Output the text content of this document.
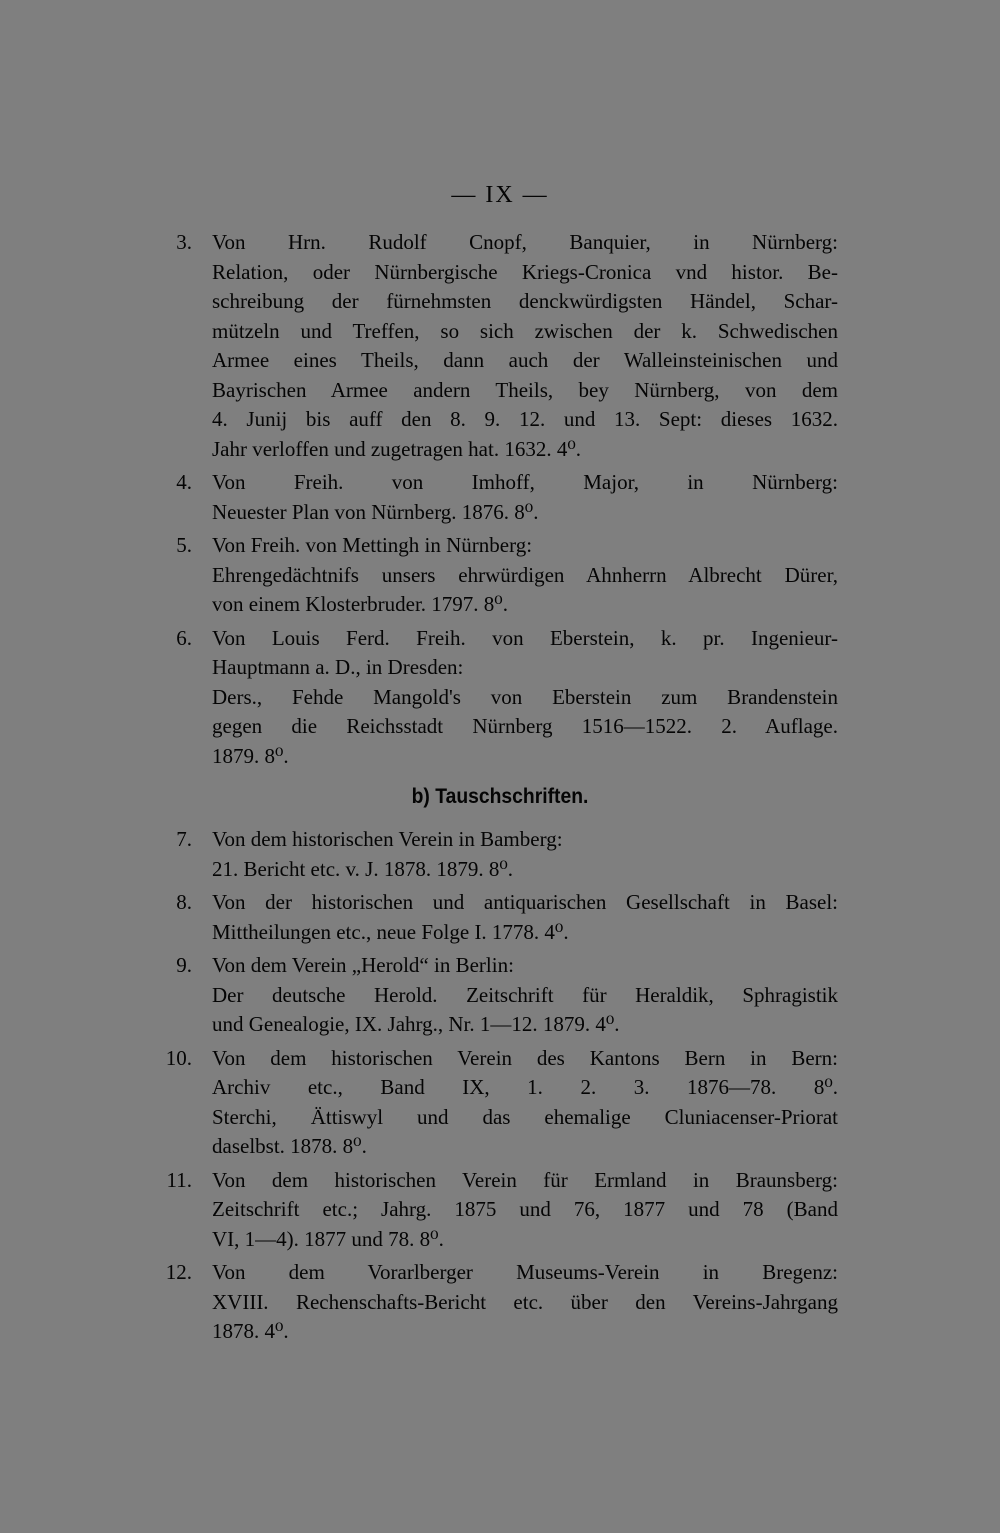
— IX —
3. Von Hrn. Rudolf Cnopf, Banquier, in Nürnberg:
Relation, oder Nürnbergische Kriegs-Cronica vnd histor. Be-
schreibung der fürnehmsten denckwürdigsten Händel, Schar-
mützeln und Treffen, so sich zwischen der k. Schwedischen
Armee eines Theils, dann auch der Walleinsteinischen und
Bayrischen Armee andern Theils, bey Nürnberg, von dem
4. Junij bis auff den 8. 9. 12. und 13. Sept: dieses 1632.
Jahr verloffen und zugetragen hat. 1632. 4⁰.
4. Von Freih. von Imhoff, Major, in Nürnberg:
Neuester Plan von Nürnberg. 1876. 8⁰.
5. Von Freih. von Mettingh in Nürnberg:
Ehrengedächtnifs unsers ehrwürdigen Ahnherrn Albrecht Dürer,
von einem Klosterbruder. 1797. 8⁰.
6. Von Louis Ferd. Freih. von Eberstein, k. pr. Ingenieur-
Hauptmann a. D., in Dresden:
Ders., Fehde Mangold's von Eberstein zum Brandenstein
gegen die Reichsstadt Nürnberg 1516—1522. 2. Auflage.
1879. 8⁰.
b) Tauschschriften.
7. Von dem historischen Verein in Bamberg:
21. Bericht etc. v. J. 1878. 1879. 8⁰.
8. Von der historischen und antiquarischen Gesellschaft in Basel:
Mittheilungen etc., neue Folge I. 1778. 4⁰.
9. Von dem Verein „Herold“ in Berlin:
Der deutsche Herold. Zeitschrift für Heraldik, Sphragistik
und Genealogie, IX. Jahrg., Nr. 1—12. 1879. 4⁰.
10. Von dem historischen Verein des Kantons Bern in Bern:
Archiv etc., Band IX, 1. 2. 3. 1876—78. 8⁰.
Sterchi, Ättiswyl und das ehemalige Cluniacenser-Priorat
daselbst. 1878. 8⁰.
11. Von dem historischen Verein für Ermland in Braunsberg:
Zeitschrift etc.; Jahrg. 1875 und 76, 1877 und 78 (Band
VI, 1—4). 1877 und 78. 8⁰.
12. Von dem Vorarlberger Museums-Verein in Bregenz:
XVIII. Rechenschafts-Bericht etc. über den Vereins-Jahrgang
1878. 4⁰.
